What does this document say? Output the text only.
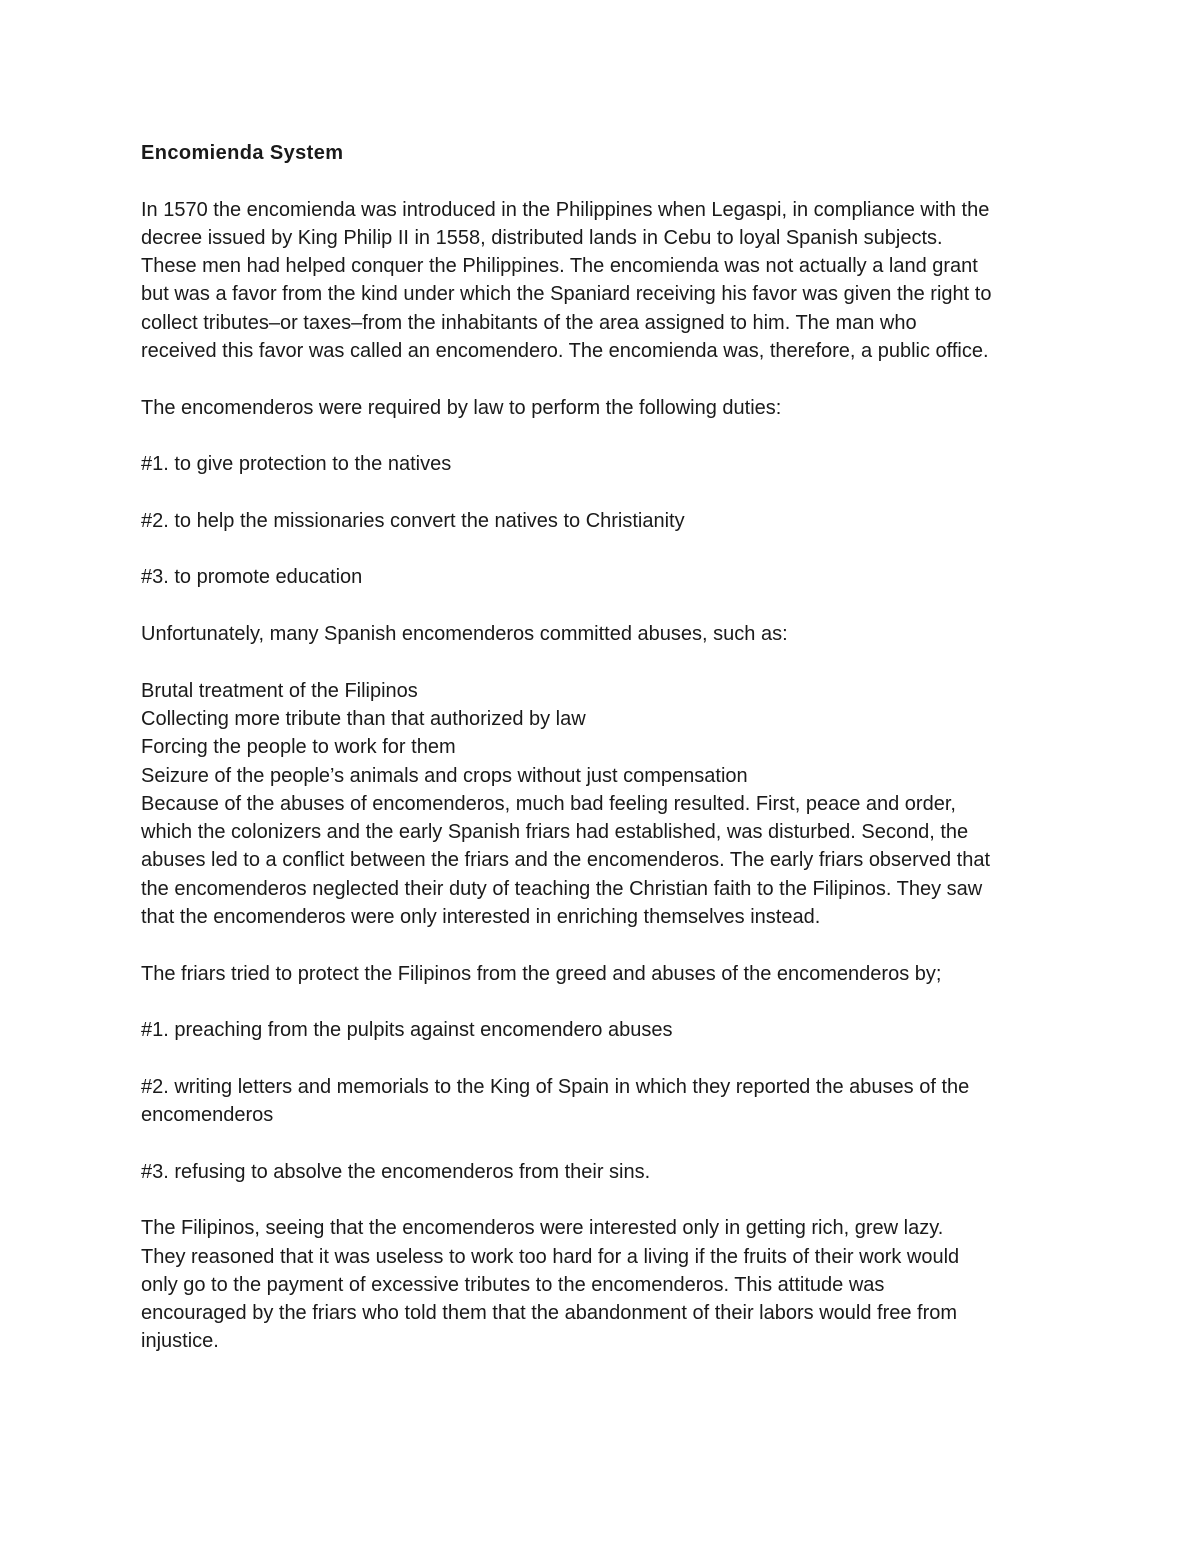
Encomienda System

In 1570 the encomienda was introduced in the Philippines when Legaspi, in compliance with the
decree issued by King Philip II in 1558, distributed lands in Cebu to loyal Spanish subjects.
These men had helped conquer the Philippines. The encomienda was not actually a land grant
but was a favor from the kind under which the Spaniard receiving his favor was given the right to
collect tributes–or taxes–from the inhabitants of the area assigned to him. The man who
received this favor was called an encomendero. The encomienda was, therefore, a public office.

The encomenderos were required by law to perform the following duties:

#1. to give protection to the natives

#2. to help the missionaries convert the natives to Christianity

#3. to promote education

Unfortunately, many Spanish encomenderos committed abuses, such as:

Brutal treatment of the Filipinos

Collecting more tribute than that authorized by law

Forcing the people to work for them

Seizure of the people’s animals and crops without just compensation

Because of the abuses of encomenderos, much bad feeling resulted. First, peace and order,
which the colonizers and the early Spanish friars had established, was disturbed. Second, the
abuses led to a conflict between the friars and the encomenderos. The early friars observed that
the encomenderos neglected their duty of teaching the Christian faith to the Filipinos. They saw
that the encomenderos were only interested in enriching themselves instead.

The friars tried to protect the Filipinos from the greed and abuses of the encomenderos by;

#1. preaching from the pulpits against encomendero abuses

#2. writing letters and memorials to the King of Spain in which they reported the abuses of the
encomenderos

#3. refusing to absolve the encomenderos from their sins.

The Filipinos, seeing that the encomenderos were interested only in getting rich, grew lazy.
They reasoned that it was useless to work too hard for a living if the fruits of their work would
only go to the payment of excessive tributes to the encomenderos. This attitude was
encouraged by the friars who told them that the abandonment of their labors would free from
injustice.
